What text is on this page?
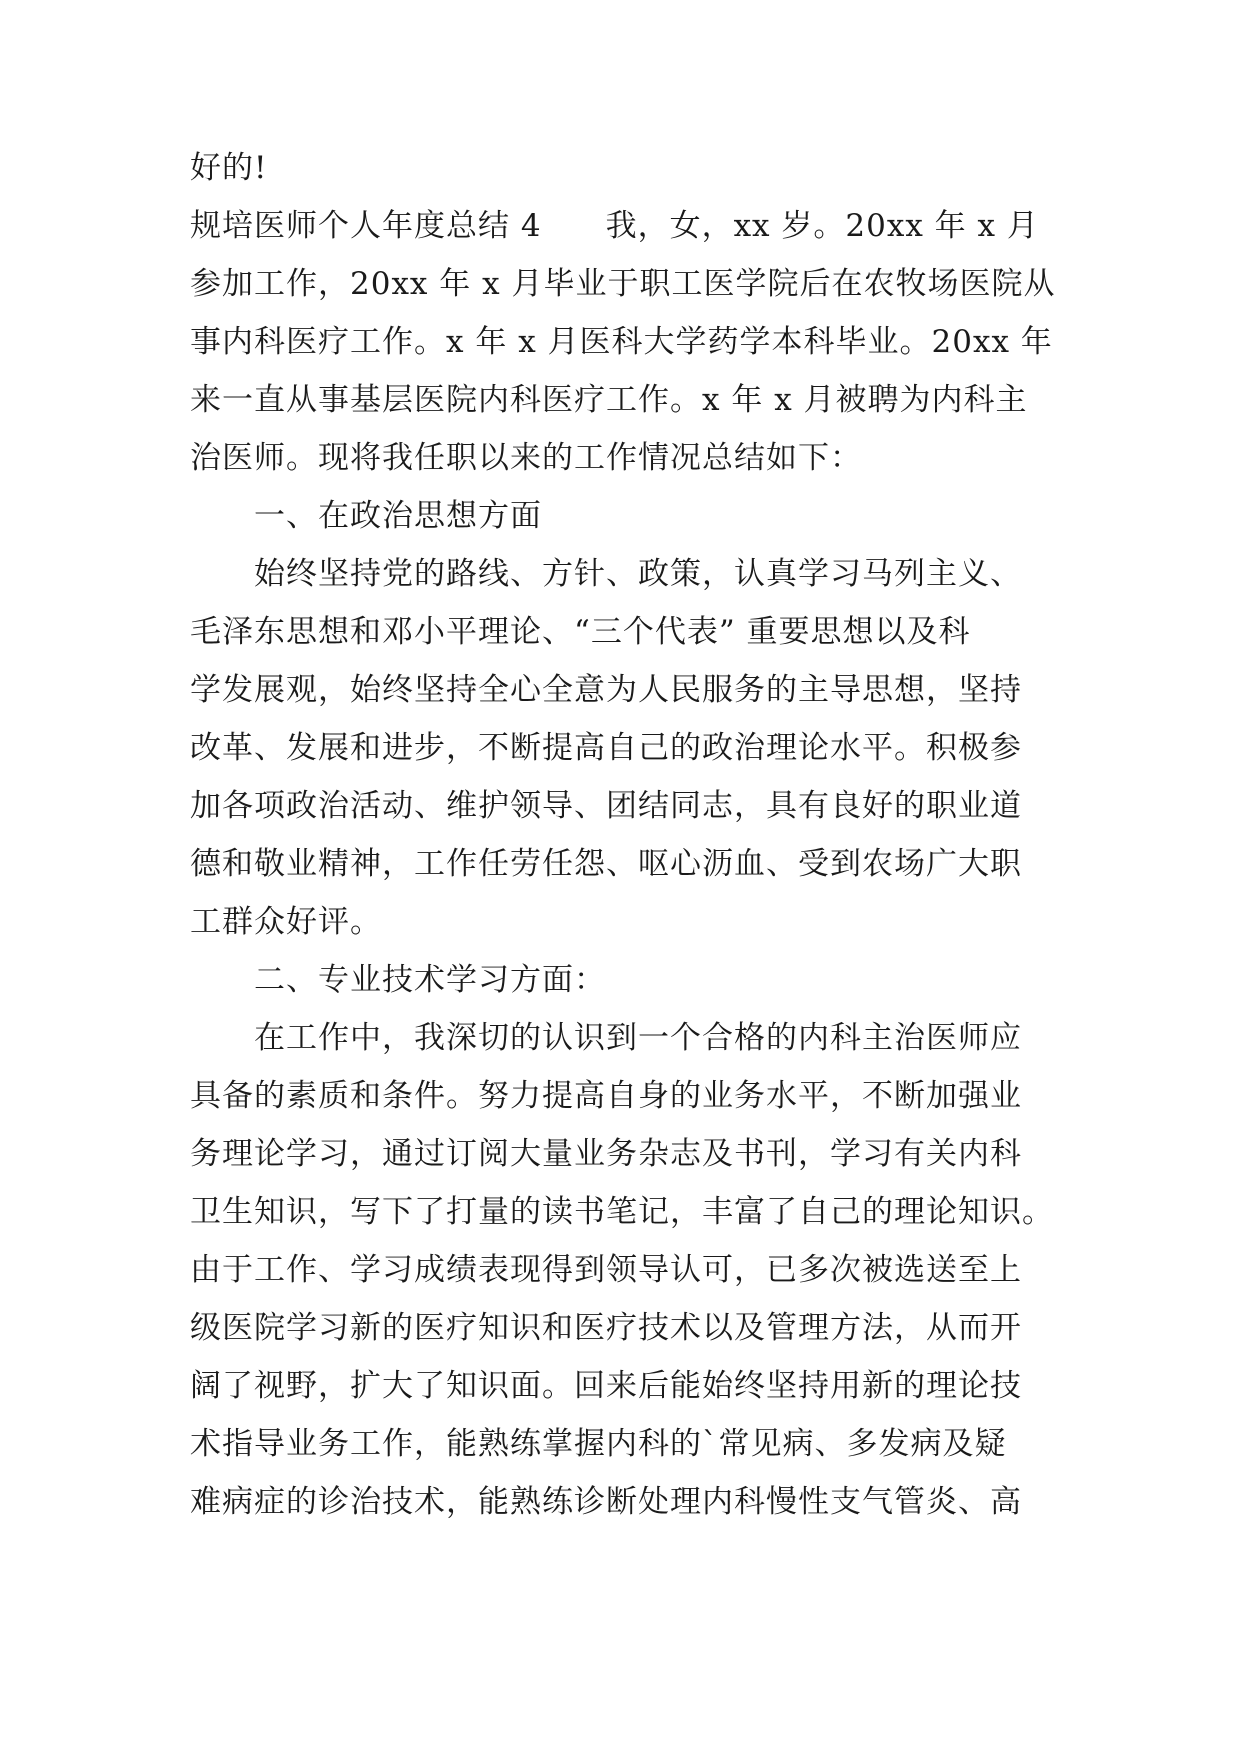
好的!
规培医师个人年度总结 4　　我，女，xx 岁。20xx 年 x 月
参加工作，20xx 年 x 月毕业于职工医学院后在农牧场医院从
事内科医疗工作。x 年 x 月医科大学药学本科毕业。20xx 年
来一直从事基层医院内科医疗工作。x 年 x 月被聘为内科主
治医师。现将我任职以来的工作情况总结如下：
一、在政治思想方面
始终坚持党的路线、方针、政策，认真学习马列主义、
毛泽东思想和邓小平理论、“三个代表” 重要思想以及科
学发展观，始终坚持全心全意为人民服务的主导思想，坚持
改革、发展和进步，不断提高自己的政治理论水平。积极参
加各项政治活动、维护领导、团结同志，具有良好的职业道
德和敬业精神，工作任劳任怨、呕心沥血、受到农场广大职
工群众好评。
二、专业技术学习方面：
在工作中，我深切的认识到一个合格的内科主治医师应
具备的素质和条件。努力提高自身的业务水平，不断加强业
务理论学习，通过订阅大量业务杂志及书刊，学习有关内科
卫生知识，写下了打量的读书笔记，丰富了自己的理论知识。
由于工作、学习成绩表现得到领导认可，已多次被选送至上
级医院学习新的医疗知识和医疗技术以及管理方法，从而开
阔了视野，扩大了知识面。回来后能始终坚持用新的理论技
术指导业务工作，能熟练掌握内科的`常见病、多发病及疑
难病症的诊治技术，能熟练诊断处理内科慢性支气管炎、高
